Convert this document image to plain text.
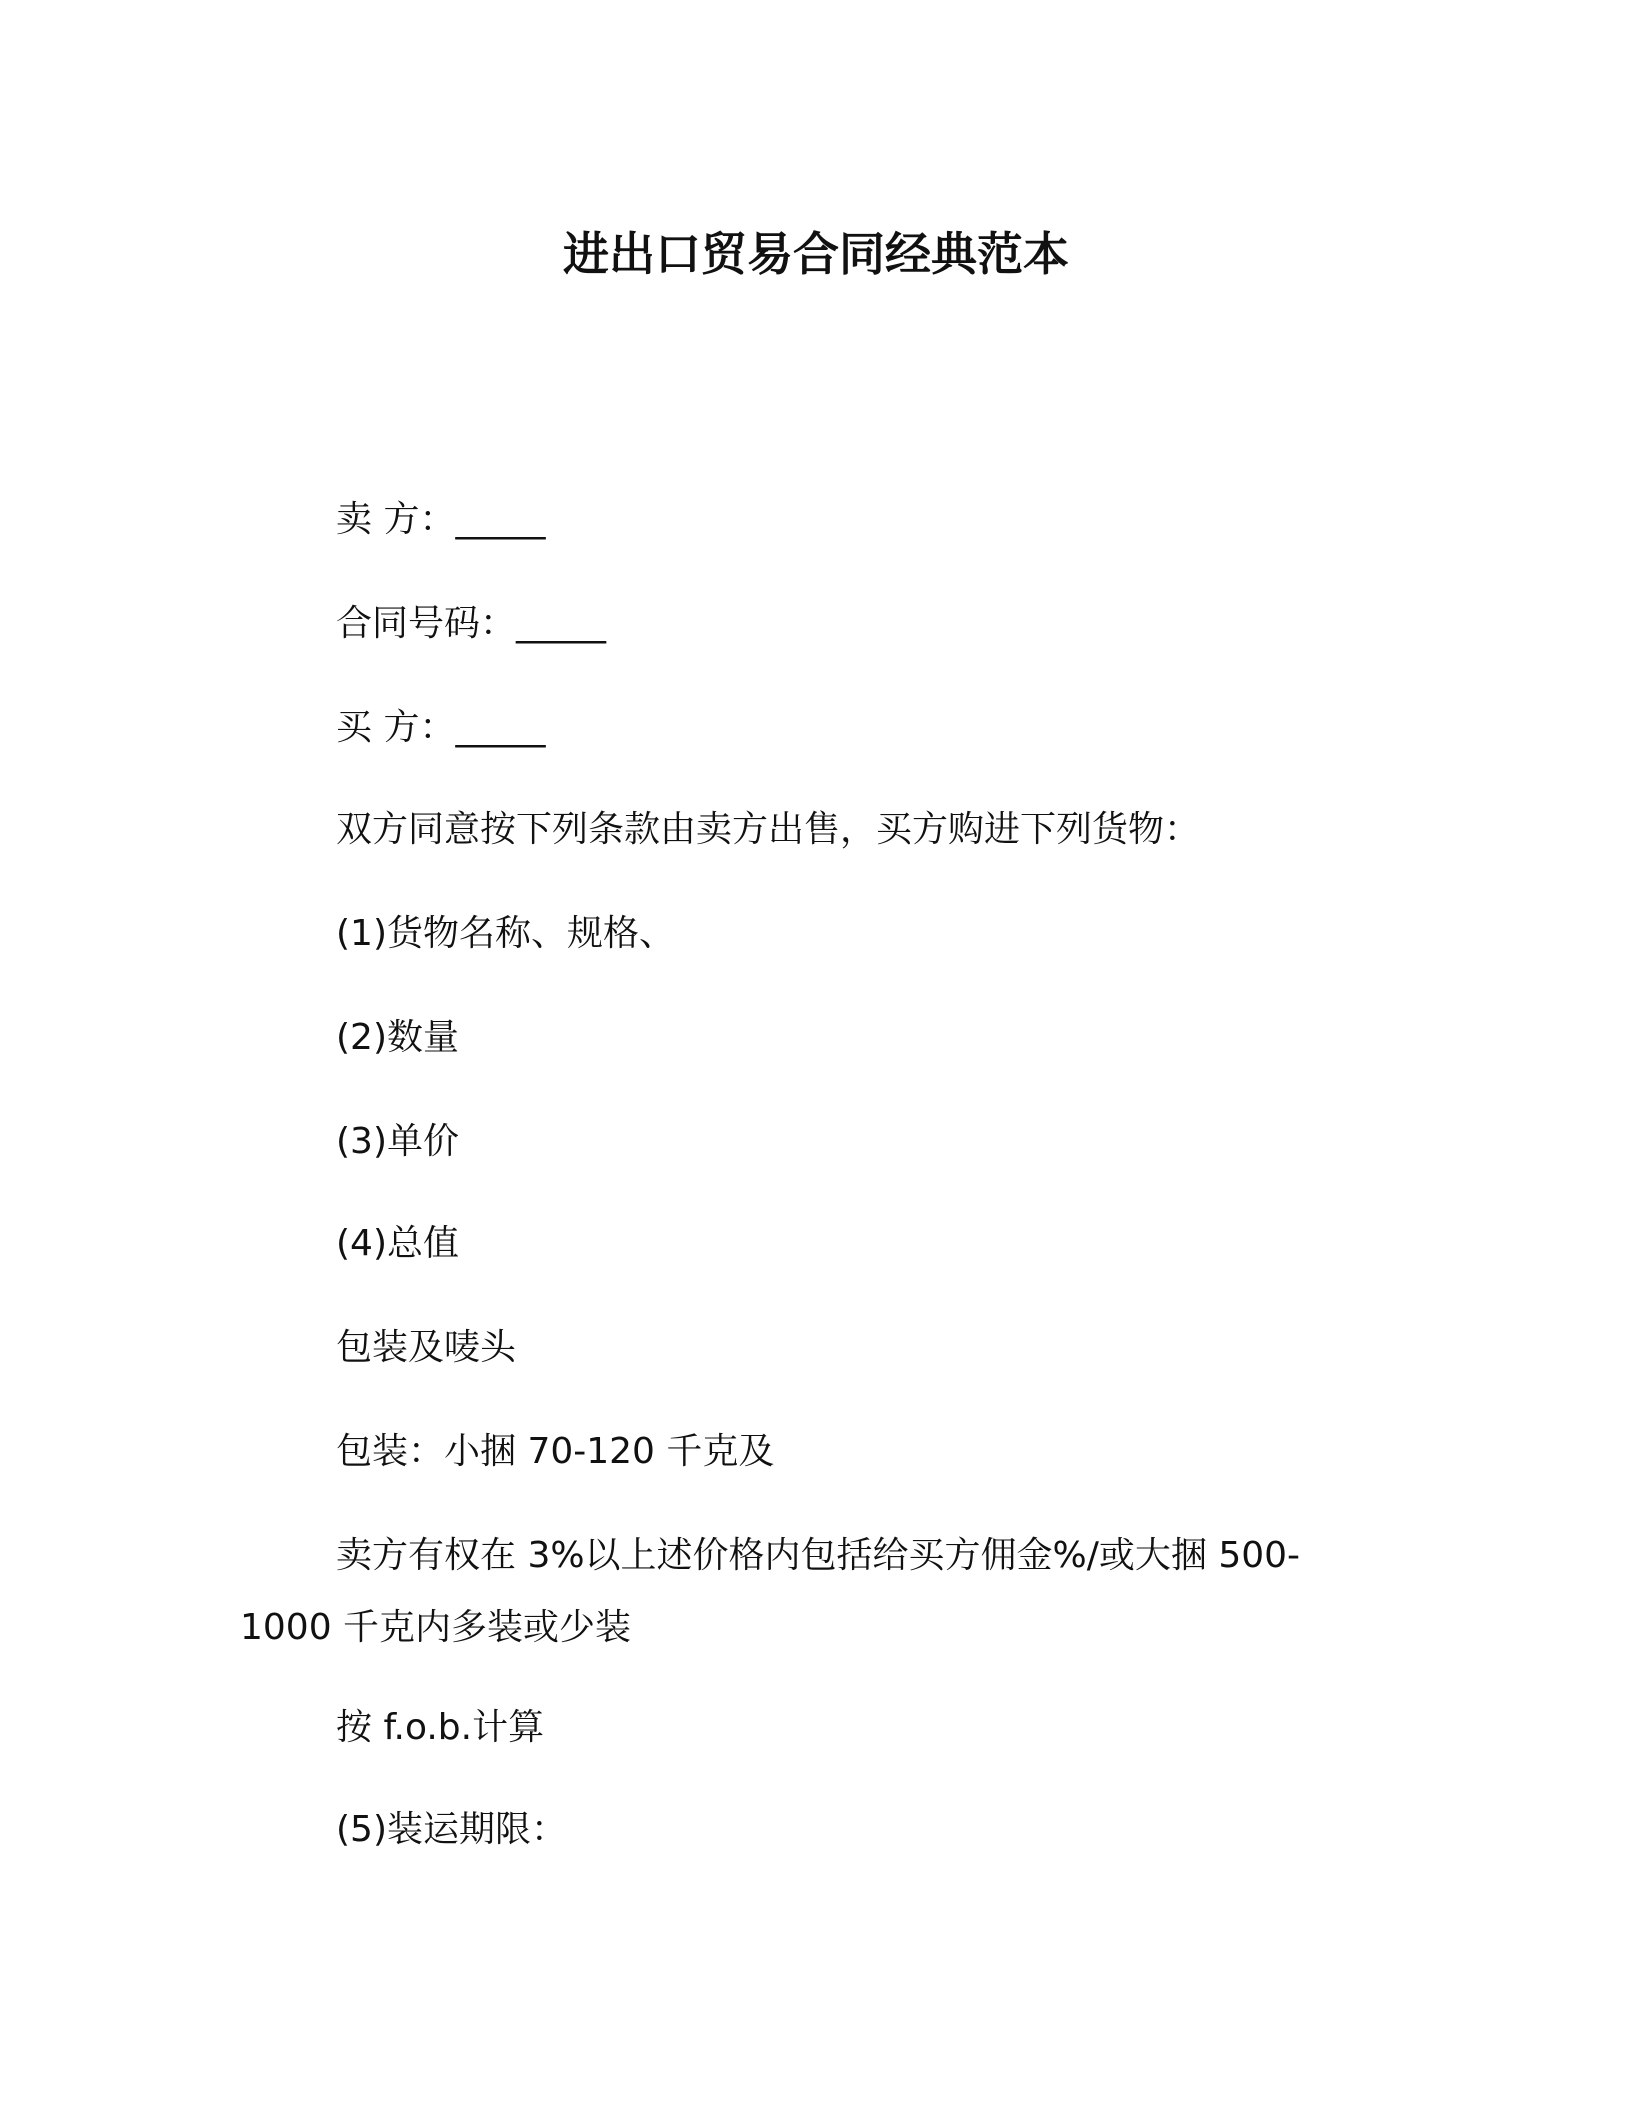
进出口贸易合同经典范本
卖 方：_____
合同号码：_____
买 方：_____
双方同意按下列条款由卖方出售，买方购进下列货物：
(1)货物名称、规格、
(2)数量
(3)单价
(4)总值
包装及唛头
包装：小捆 70-120 千克及
卖方有权在 3%以上述价格内包括给买方佣金%/或大捆 500-1000 千克内多装或少装
按 f.o.b.计算
(5)装运期限：
